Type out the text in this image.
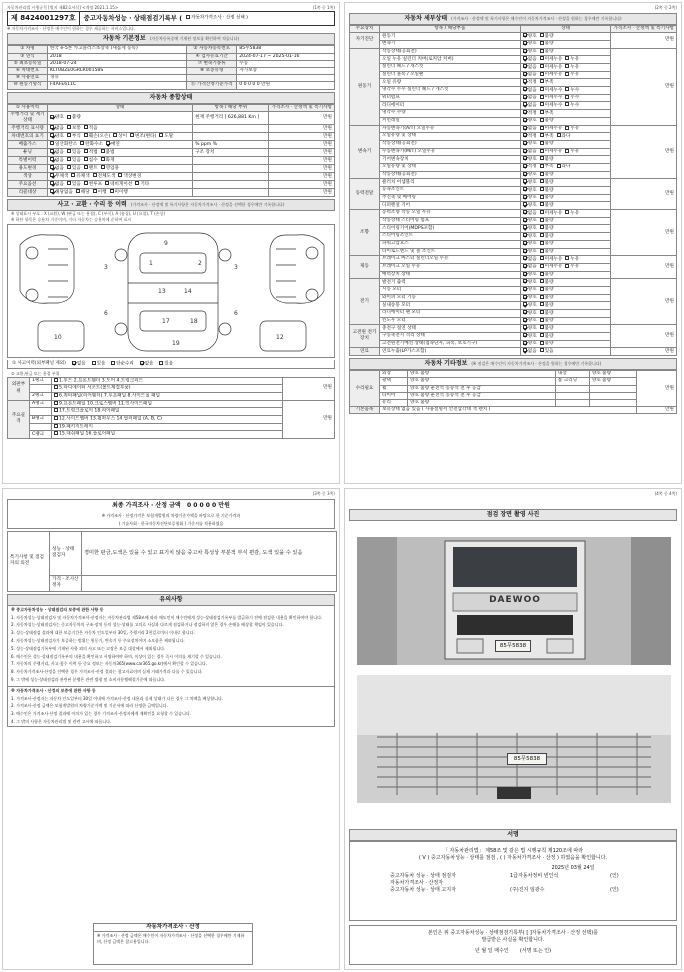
자동차관리법 시행규칙 [별지 제82호서식] <개정 2021.1.15>	(1쪽 중 1쪽)
제 8424001297호	중고자동차성능 · 상태점검기록부 (	자동차가격조사 · 산정 선택 )
※ 자동차가격조사 · 산정은 매수인이 원하는 경우 제공하는 서비스입니다.
자동차 기본정보 (자동차등록증에 기재된 정보를 확인하여 적습니다)
① 차명	한국 e-5톤 카고플러스초장축 (새롭게 등록)	② 자동차등록번호	85무5838
③ 연식	2018	④ 검사유효기간	2024-07-17 ~ 2025-01-16
⑤ 최초등록일	2018-07-24	⑦ 변속기종류	수동
⑥ 차대번호	KLTUBZE0GRLR00158S	⑧ 보증유형	자가보증
⑨ 사용연료	경유		
⑩ 원동기형식	F4AFE611C	⑪ 가격산정기준가격	0 0 0 0 0 만원
자동차 종합상태
① 사용이력	상태	항목 / 해당 부위	가격조사 · 산정액 및 특기사항
주행거리 및 계기상태	양호 불량	현재 주행거리 [ 626,881 Km ]	만원
주행거리 표시량	많음 보통 적음		만원
차대번호의 표기	양호 부식 훼손(오손) 상이 변조(변타) 도말		만원
배출가스	일산화탄소 탄화수소 매연	% ppm %	만원
튜닝	없음 있음 적법 불법	구조 장치	만원
특별이력	없음 있음 침수 화재		만원
용도변경	없음 있음 렌트 영업용		만원
색상	무채색 유채색 전체도색 색상변경		만원
주요옵션	없음 있음 썬루프 네비게이션 기타		만원
리콜대상	해당없음 해당 이행 미이행		만원
사고 · 교환 · 수리 등 이력 (가격조사 · 산정액 및 특기사항은 자동차가격조사 · 산정을 선택한 경우에만 기록합니다)
※ 상태표시 부호 : X (교환), W (판금 또는 용접), C (부식), A (흠집), U (요철), T (손상)
※ 하단 항목은 승용차 기준이며, 기타 자동차는 승용차에 준하여 표시
9
1	2
13	14
17	18
19
3	3
6	6
10	12
① 사고이력(외부패널 제외)	없음	있음	단순수리	없음	있음
② 교환,판금 또는 용접 부위
외판부위	1랭크	1.후드 2.프론트휀더 3.도어 4.트렁크리드	만원
		5.라디에이터 서포트(볼트체결부품)	
	2랭크	6.쿼터패널(리어휀더) 7.루프패널 8.사이드실 패널	
주요골격	A랭크	9.프론트패널 10.크로스멤버 11.인사이드패널	만원
		17.트렁크플로어 18.리어패널	
	B랭크	12.사이드멤버 13.휠하우스 14.필러패널 (A, B, C)	
		19.패키지트레이	
	C랭크	15.대쉬패널 16.플로어패널	
(2쪽 중 2쪽)
자동차 세부상태 (가격조사 · 산정액 및 특기사항은 매수인이 자동차가격조사 · 산정을 원하는 경우에만 기록합니다)
주요장치	항목 / 해당부품	상태	가격조사 · 산정액 및 특기사항
자기진단	원동기	양호 불량	만원
	변속기	양호 불량	
원동기	작동상태(공회전)	양호 불량	만원
	오일 누유 실린더 커버(로커암 커버)	없음 미세누유 누유	
	실린더 헤드 / 개스킷	없음 미세누유 누유	
	실린더 블록 / 오일팬	없음 미세누유 누유	
	오일 유량	적정 부족	
	냉각수 누수 실린더 헤드 / 개스킷	없음 미세누수 누수	
	워터펌프	없음 미세누수 누수	
	라디에이터	없음 미세누수 누수	
	냉각수 수량	적정 부족	
	커먼레일	양호 불량	
변속기	자동변속기(A/T) 오일누유	없음 미세누유 누유	만원
	오일유량 및 상태	적정 부족 과다	
	작동상태(공회전)	양호 불량	
	수동변속기(M/T) 오일누유	없음 미세누유 누유	
	기어변속장치	양호 불량	
	오일유량 및 상태	적정 부족 과다	
	작동상태(공회전)	양호 불량	
동력전달	클러치 어셈블리	양호 불량	만원
	등속조인트	양호 불량	
	추진축 및 베어링	양호 불량	
	디퍼렌셜 기어	양호 불량	
조향	동력조향 작동 오일 누유	없음 미세누유 누유	만원
	작동상태 스티어링 펌프	양호 불량	
	스티어링기어(MDPS포함)	양호 불량	
	스티어링조인트	양호 불량	
	파워고압호스	양호 불량	
	타이로드엔드 및 볼 조인트	양호 불량	
제동	브레이크 마스터 실린더오일 누유	없음 미세누유 누유	만원
	브레이크 오일 누유	없음 미세누유 누유	
	배력장치 상태	양호 불량	
전기	발전기 출력	양호 불량	만원
	시동 모터	양호 불량	
	와이퍼 모터 기능	양호 불량	
	실내송풍 모터	양호 불량	
	라디에이터 팬 모터	양호 불량	
	윈도우 모터	양호 불량	
고전원 전기장치	충전구 절연 상태	양호 불량	만원
	구동축전지 격리 상태	양호 불량	
	고전원전기배선 상태(접속단자, 피복, 보호기구)	양호 불량	
연료	연료누출(LP가스포함)	없음 있음	만원
자동차 기타정보 (※ 점검은 매수인이 자동차가격조사 · 산정을 원하는 경우에만 기록합니다)
수리필요	외장	양호 불량	내장	양호 불량	만원
	광택	양호 불량	룸 크리닝	양호 불량	
	휠	양호 불량 운전석 동승석 전 후 응급			
	타이어	양호 불량 운전석 동승석 전 후 응급			
	유리	양호 불량			
기본품목	보유상태 없음 있음 ( 사용설명서 안전삼각대 잭 렌치 )				만원
(3쪽 중 3쪽)
최종 가격조사 · 산정 금액 0 0 0 0 0 만원
※ 가격조사 · 산정가격은 보험개발원의 차량기준가액을 바탕으로 한 기준가격과
( 기술사회 · 한국자동차진단보증협회 ) 기준서를 적용하였음
특기사항 및 점검자의 의견	성능 · 상태 점검자	경미한 판금,도색은 있을 수 있고 표기치 않음 중고차 특성상 부분적 부식 편감, 도색 있을 수 있음
	가격 · 조사산정자	
유의사항
※ 중고자동차성능 · 상태점검의 보증에 관한 사항 등
1. 자동차성능·상태점검자 및 자동차가격조사·산정자는 자동차관리법 제58조에 따라 매도인이 매수인에게 성능·상태점검기록부를 발급하기 전에 점검한 내용을 확인하여야 합니다.
2. 자동차성능·상태점검자는 중고자동차의 구조·장치 등의 성능·상태를 고의로 사실과 다르게 점검하거나 점검하지 않은 경우 손해를 배상할 책임이 있습니다.
3. 성능·상태점검 결과에 대한 보증기간은 자동차 인도일부터 30일, 주행거리 2천킬로미터 이내로 합니다.
4. 자동차성능·상태점검자가 보증하는 범위는 원동기, 변속기 등 주요장치이며 소모품은 제외됩니다.
5. 성능·상태점검기록부에 기재된 사항 외의 사고 또는 고장은 보증 대상에서 제외됩니다.
6. 매수인은 성능·상태점검기록부의 내용을 확인하고 서명하여야 하며, 이상이 있는 경우 즉시 이의를 제기할 수 있습니다.
7. 자동차의 주행거리, 사고·침수 이력 등 중요 정보는 자동차365(www.car365.go.kr)에서 확인할 수 있습니다.
8. 자동차가격조사·산정을 선택한 경우 가격조사·산정 결과는 참고자료이며 실제 거래가격과 다를 수 있습니다.
9. 그 밖에 성능·상태점검과 관련된 분쟁은 관련 법령 및 소비자분쟁해결기준에 따릅니다.
※ 자동차가격조사 · 산정의 보증에 관한 사항 등
1. 가격조사·산정자는 자동차 인도일부터 30일 이내에 가격조사·산정 내용과 실제 상태가 다른 경우 그 차액을 배상합니다.
2. 가격조사·산정 금액은 보험개발원의 차량기준가액 및 기준서에 따라 산정한 금액입니다.
3. 매수인은 가격조사·산정 결과에 이의가 있는 경우 가격조사·산정자에게 재확인을 요청할 수 있습니다.
4. 그 밖의 사항은 자동차관리법 및 관련 고시에 따릅니다.
자동차가격조사 · 산정
※ 가격조사 · 산정 금액은 매수인이 자동차가격조사 · 산정을 선택한 경우에만 기재하며, 산정 금액은 참고용입니다.
(4쪽 중 4쪽)
점검 장면 촬영 사진
DAEWOO
85무5838
85무5838
서명
「 자동차관리법」 제58조 및 같은 법 시행규칙 제120조에 따라
( V ) 중고자동차성능 · 상태를 점검 , ( ) 자동차가격조사 · 산정 ) 하였음을 확인합니다.
2025년 03월 24일
중고자동차 성능 · 상태 점검자	1급자동차정비 빈인석	(인)
자동차가격조사 · 산정자
중고자동차 성능 · 상태 고지자	(주)진지 임광수	(인)
본인은 위 중고자동차성능 · 상태점검기록부( [ ]자동차가격조사 · 산정 선택)를
발급받은 사실을 확인합니다.
년 월 일 매수인 (서명 또는 인)
